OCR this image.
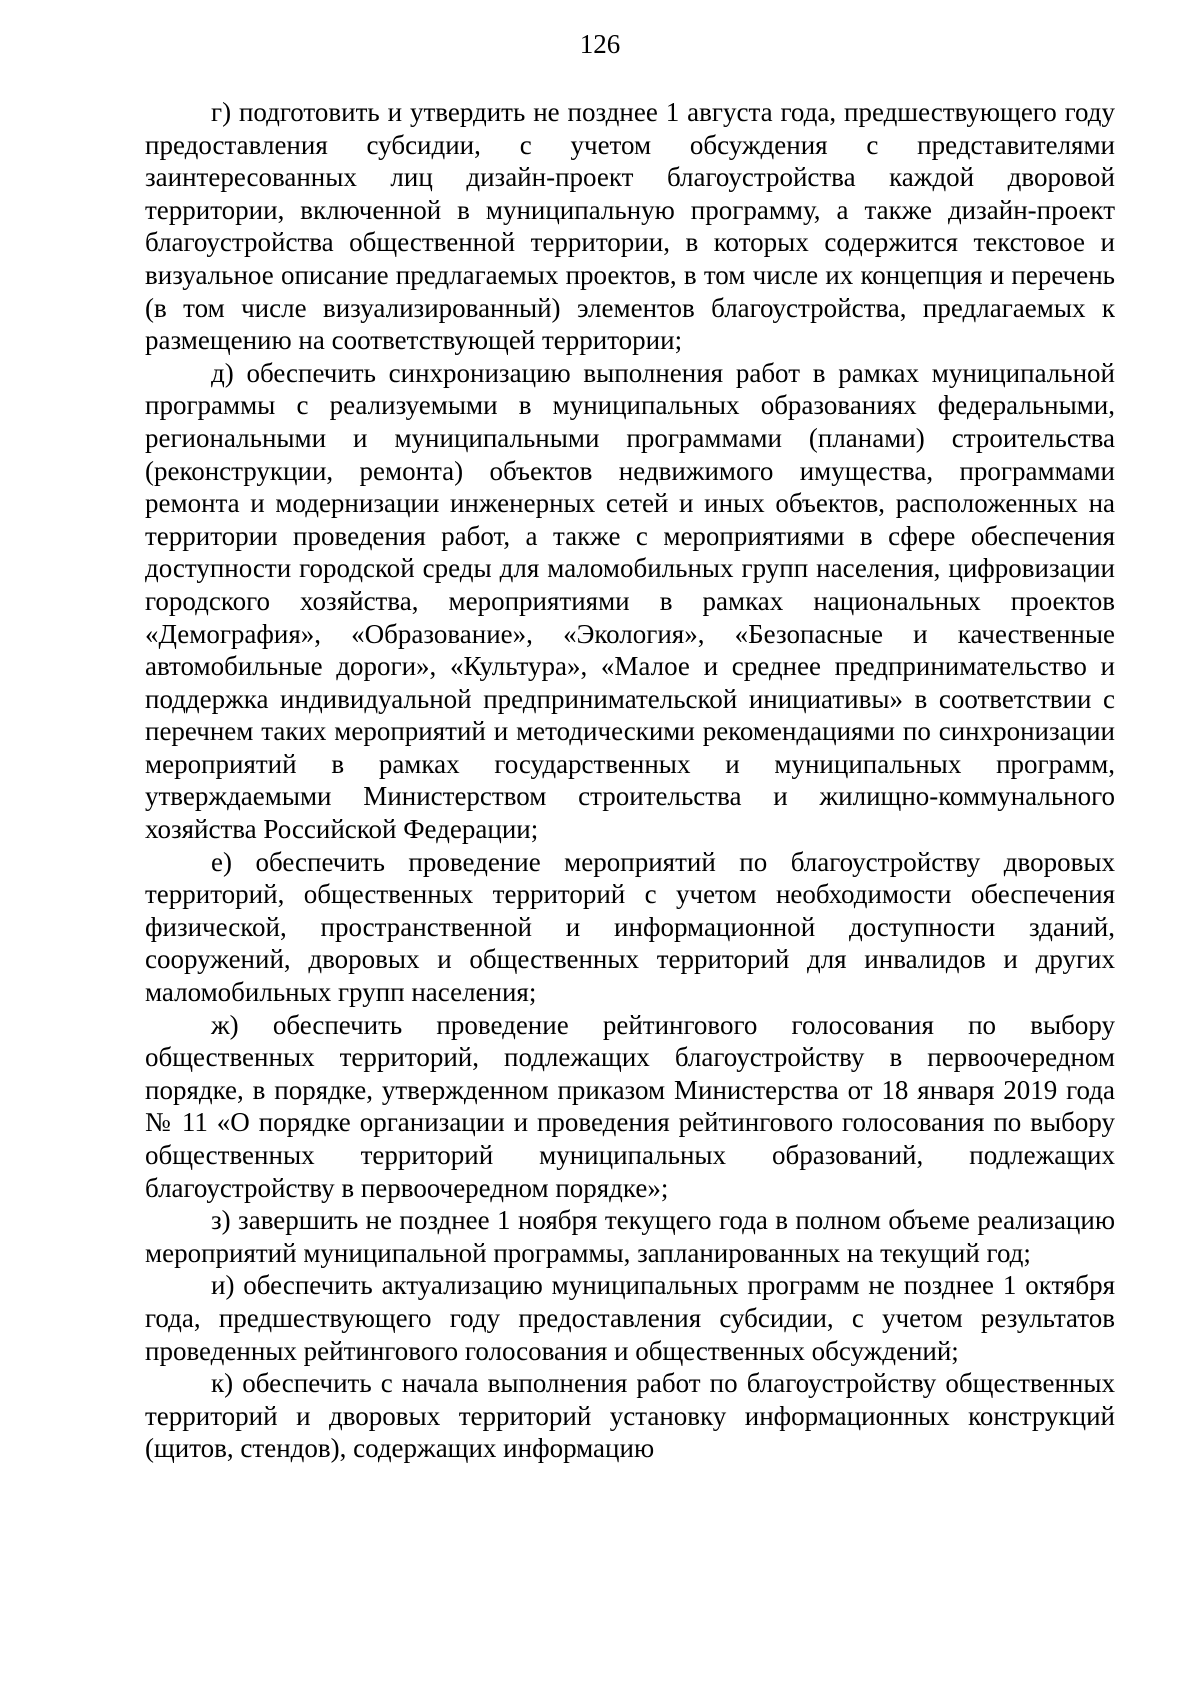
126

г) подготовить и утвердить не позднее 1 августа года, предшествующего году предоставления субсидии, с учетом обсуждения с представителями заинтересованных лиц дизайн-проект благоустройства каждой дворовой территории, включенной в муниципальную программу, а также дизайн-проект благоустройства общественной территории, в которых содержится текстовое и визуальное описание предлагаемых проектов, в том числе их концепция и перечень (в том числе визуализированный) элементов благоустройства, предлагаемых к размещению на соответствующей территории;

д) обеспечить синхронизацию выполнения работ в рамках муниципальной программы с реализуемыми в муниципальных образованиях федеральными, региональными и муниципальными программами (планами) строительства (реконструкции, ремонта) объектов недвижимого имущества, программами ремонта и модернизации инженерных сетей и иных объектов, расположенных на территории проведения работ, а также с мероприятиями в сфере обеспечения доступности городской среды для маломобильных групп населения, цифровизации городского хозяйства, мероприятиями в рамках национальных проектов «Демография», «Образование», «Экология», «Безопасные и качественные автомобильные дороги», «Культура», «Малое и среднее предпринимательство и поддержка индивидуальной предпринимательской инициативы» в соответствии с перечнем таких мероприятий и методическими рекомендациями по синхронизации мероприятий в рамках государственных и муниципальных программ, утверждаемыми Министерством строительства и жилищно-коммунального хозяйства Российской Федерации;

е) обеспечить проведение мероприятий по благоустройству дворовых территорий, общественных территорий с учетом необходимости обеспечения физической, пространственной и информационной доступности зданий, сооружений, дворовых и общественных территорий для инвалидов и других маломобильных групп населения;

ж) обеспечить проведение рейтингового голосования по выбору общественных территорий, подлежащих благоустройству в первоочередном порядке, в порядке, утвержденном приказом Министерства от 18 января 2019 года № 11 «О порядке организации и проведения рейтингового голосования по выбору общественных территорий муниципальных образований, подлежащих благоустройству в первоочередном порядке»;

з) завершить не позднее 1 ноября текущего года в полном объеме реализацию мероприятий муниципальной программы, запланированных на текущий год;

и) обеспечить актуализацию муниципальных программ не позднее 1 октября года, предшествующего году предоставления субсидии, с учетом результатов проведенных рейтингового голосования и общественных обсуждений;

к) обеспечить с начала выполнения работ по благоустройству общественных территорий и дворовых территорий установку информационных конструкций (щитов, стендов), содержащих информацию
